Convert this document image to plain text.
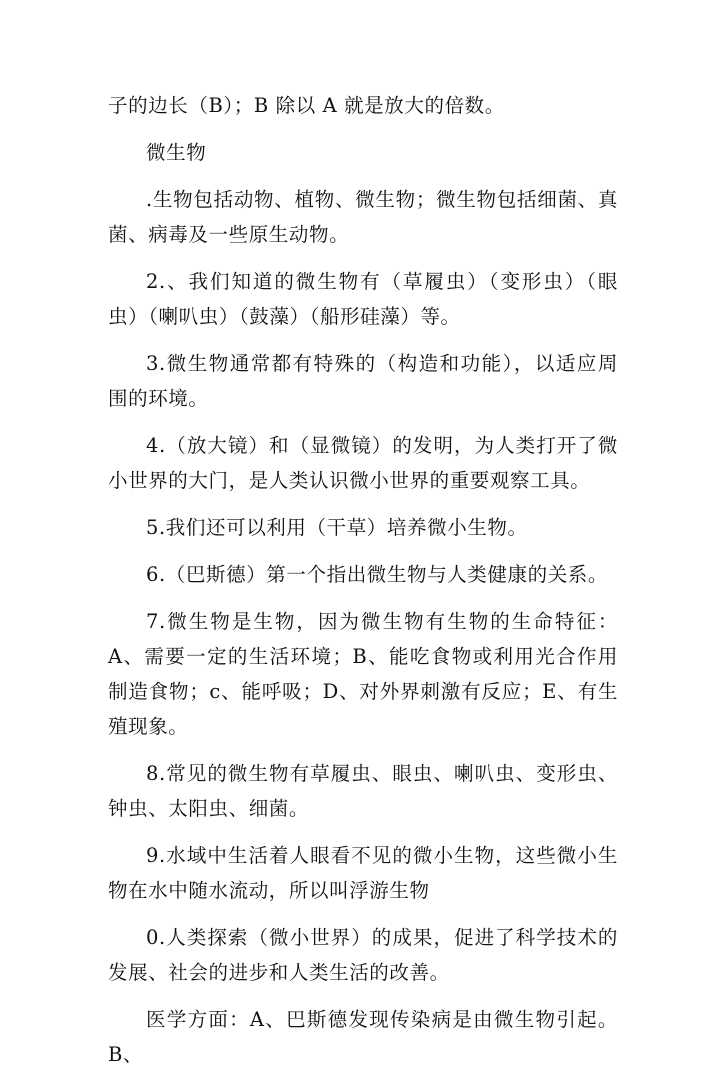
子的边长（B）；B 除以 A 就是放大的倍数。

微生物

.生物包括动物、植物、微生物；微生物包括细菌、真菌、病毒及一些原生动物。

2.、我们知道的微生物有（草履虫）（变形虫）（眼虫）（喇叭虫）（鼓藻）（船形硅藻）等。

3.微生物通常都有特殊的（构造和功能），以适应周围的环境。

4.（放大镜）和（显微镜）的发明，为人类打开了微小世界的大门，是人类认识微小世界的重要观察工具。

5.我们还可以利用（干草）培养微小生物。

6.（巴斯德）第一个指出微生物与人类健康的关系。

7.微生物是生物，因为微生物有生物的生命特征：A、需要一定的生活环境；B、能吃食物或利用光合作用制造食物；c、能呼吸；D、对外界刺激有反应；E、有生殖现象。

8.常见的微生物有草履虫、眼虫、喇叭虫、变形虫、钟虫、太阳虫、细菌。

9.水域中生活着人眼看不见的微小生物，这些微小生物在水中随水流动，所以叫浮游生物

0.人类探索（微小世界）的成果，促进了科学技术的发展、社会的进步和人类生活的改善。

医学方面：A、巴斯德发现传染病是由微生物引起。B、
